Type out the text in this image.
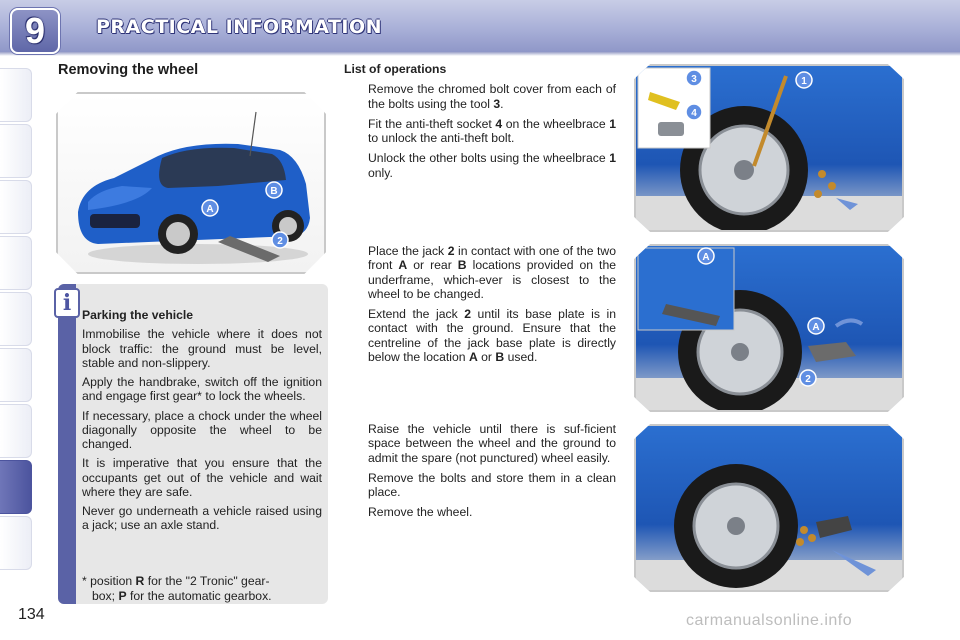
9	PRACTICAL INFORMATION
Removing the wheel
A
B
2
i Parking the vehicle

Immobilise the vehicle where it does not block traffic: the ground must be level, stable and non-slippery.

Apply the handbrake, switch off the ignition and engage first gear* to lock the wheels.

If necessary, place a chock under the wheel diagonally opposite the wheel to be changed.

It is imperative that you ensure that the occupants get out of the vehicle and wait where they are safe.

Never go underneath a vehicle raised using a jack; use an axle stand.

* position R for the "2 Tronic" gear-
box; P for the automatic gearbox.
List of operations
Remove the chromed bolt cover from each of the bolts using the tool 3.
Fit the anti-theft socket 4 on the wheelbrace 1 to unlock the anti-theft bolt.
Unlock the other bolts using the wheelbrace 1 only.
Place the jack 2 in contact with one of the two front A or rear B locations provided on the underframe, which-ever is closest to the wheel to be changed.
Extend the jack 2 until its base plate is in contact with the ground. Ensure that the centreline of the jack base plate is directly below the location A or B used.
Raise the vehicle until there is suf-ficient space between the wheel and the ground to admit the spare (not punctured) wheel easily.
Remove the bolts and store them in a clean place.
Remove the wheel.
3
4
1
A
A
2
134	carmanualsonline.info
